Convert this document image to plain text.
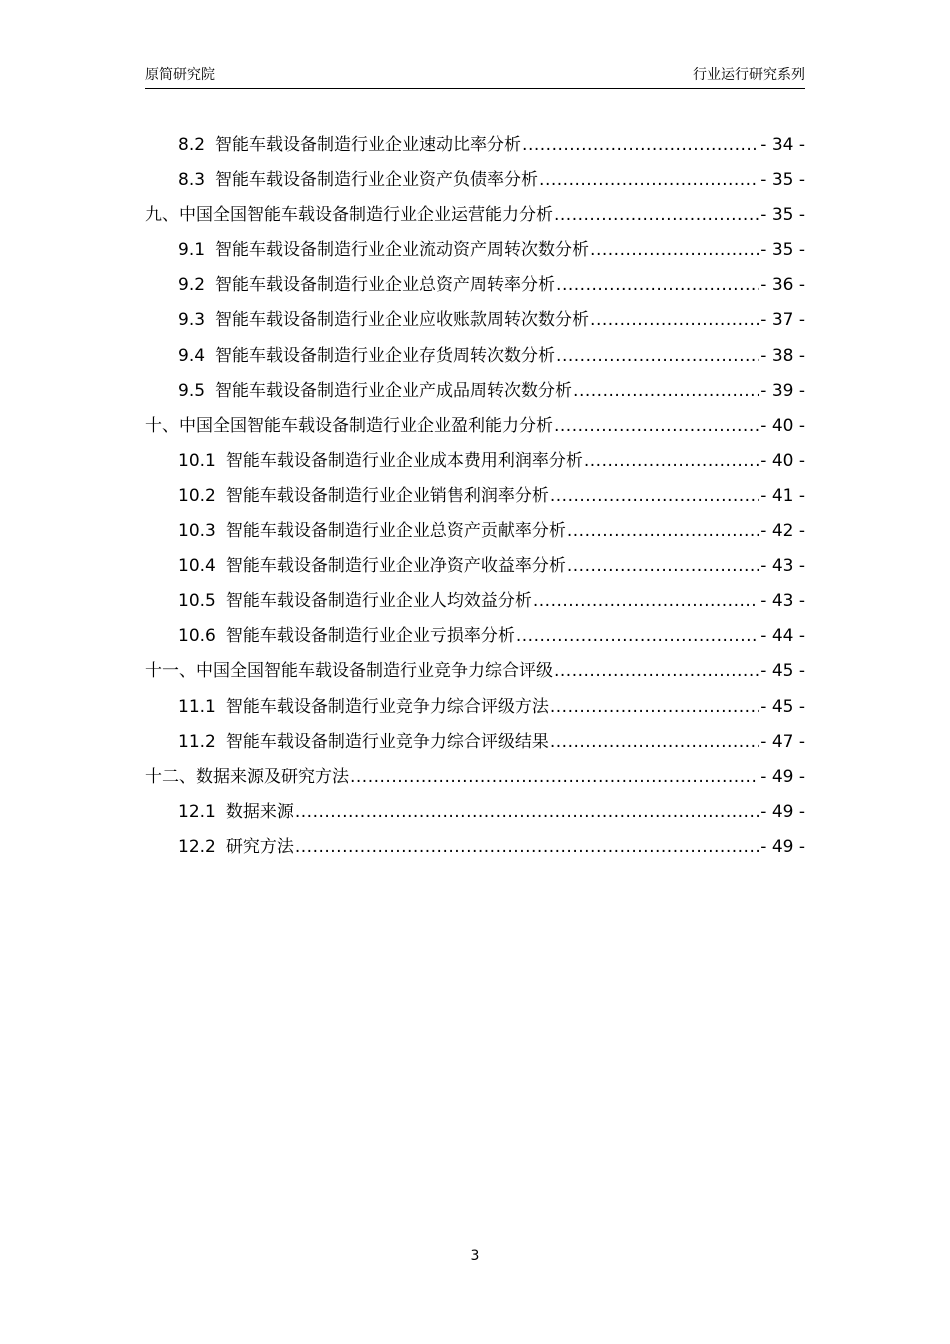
原简研究院	行业运行研究系列
8.2 智能车载设备制造行业企业速动比率分析 .....	- 34 -
8.3 智能车载设备制造行业企业资产负债率分析 .....	- 35 -
九、中国全国智能车载设备制造行业企业运营能力分析 .....	- 35 -
9.1 智能车载设备制造行业企业流动资产周转次数分析 .....	- 35 -
9.2 智能车载设备制造行业企业总资产周转率分析 .....	- 36 -
9.3 智能车载设备制造行业企业应收账款周转次数分析 .....	- 37 -
9.4 智能车载设备制造行业企业存货周转次数分析 .....	- 38 -
9.5 智能车载设备制造行业企业产成品周转次数分析 .....	- 39 -
十、中国全国智能车载设备制造行业企业盈利能力分析 .....	- 40 -
10.1 智能车载设备制造行业企业成本费用利润率分析 .....	- 40 -
10.2 智能车载设备制造行业企业销售利润率分析 .....	- 41 -
10.3 智能车载设备制造行业企业总资产贡献率分析 .....	- 42 -
10.4 智能车载设备制造行业企业净资产收益率分析 .....	- 43 -
10.5 智能车载设备制造行业企业人均效益分析 .....	- 43 -
10.6 智能车载设备制造行业企业亏损率分析 .....	- 44 -
十一、中国全国智能车载设备制造行业竞争力综合评级 .....	- 45 -
11.1 智能车载设备制造行业竞争力综合评级方法 .....	- 45 -
11.2 智能车载设备制造行业竞争力综合评级结果 .....	- 47 -
十二、数据来源及研究方法 .....	- 49 -
12.1 数据来源 .....	- 49 -
12.2 研究方法 .....	- 49 -
3
